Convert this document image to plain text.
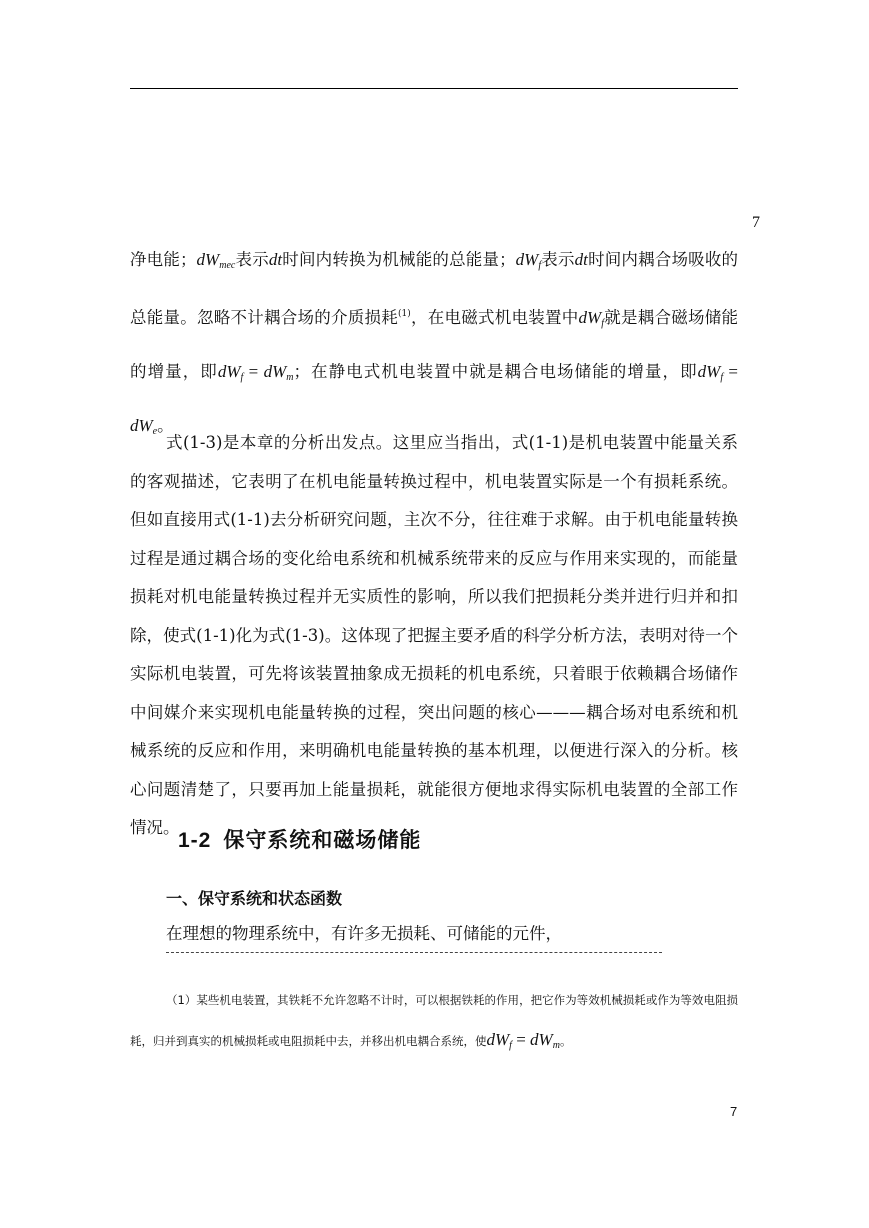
7

净电能；$dW_{mec}$表示dt时间内转换为机械能的总能量；$dW_f$表示dt时间内耦合场吸收的总能量。忽略不计耦合场的介质损耗$^{(1)}$，在电磁式机电装置中$dW_f$就是耦合磁场储能的增量，即$dW_f = dW_m$；在静电式机电装置中就是耦合电场储能的增量，即$dW_f = dW_e$。

式(1-3)是本章的分析出发点。这里应当指出，式(1-1)是机电装置中能量关系的客观描述，它表明了在机电能量转换过程中，机电装置实际是一个有损耗系统。但如直接用式(1-1)去分析研究问题，主次不分，往往难于求解。由于机电能量转换过程是通过耦合场的变化给电系统和机械系统带来的反应与作用来实现的，而能量损耗对机电能量转换过程并无实质性的影响，所以我们把损耗分类并进行归并和扣除，使式(1-1)化为式(1-3)。这体现了把握主要矛盾的科学分析方法，表明对待一个实际机电装置，可先将该装置抽象成无损耗的机电系统，只着眼于依赖耦合场储作中间媒介来实现机电能量转换的过程，突出问题的核心———耦合场对电系统和机械系统的反应和作用，来明确机电能量转换的基本机理，以便进行深入的分析。核心问题清楚了，只要再加上能量损耗，就能很方便地求得实际机电装置的全部工作情况。

1-2 保守系统和磁场储能
一、保守系统和状态函数

在理想的物理系统中，有许多无损耗、可储能的元件，

（1）某些机电装置，其铁耗不允许忽略不计时，可以根据铁耗的作用，把它作为等效机械损耗或作为等效电阻损耗，归并到真实的机械损耗或电阻损耗中去，并移出机电耦合系统，使$dW_f = dW_m$。

7
